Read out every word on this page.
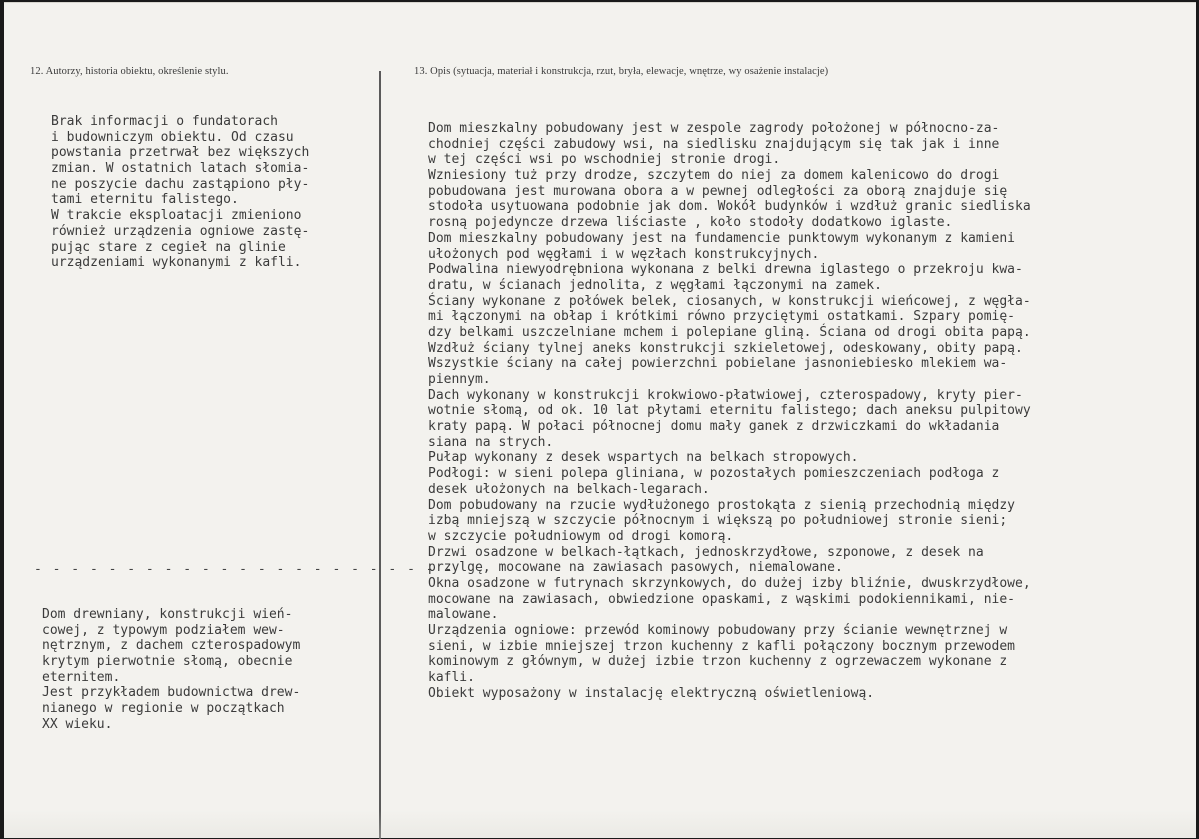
12. Autorzy, historia obiektu, określenie stylu.	13. Opis (sytuacja, materiał i konstrukcja, rzut, bryła, elewacje, wnętrze, wy osażenie instalacje)
- - - - - - - - - - - - - - - - - - - - - - -
Brak informacji o fundatorach
i budowniczym obiektu. Od czasu
powstania przetrwał bez większych
zmian. W ostatnich latach słomia-
ne poszycie dachu zastąpiono pły-
tami eternitu falistego.
W trakcie eksploatacji zmieniono
również urządzenia ogniowe zastę-
pując stare z cegieł na glinie
urządzeniami wykonanymi z kafli.
Dom drewniany, konstrukcji wień-
cowej, z typowym podziałem wew-
nętrznym, z dachem czterospadowym
krytym pierwotnie słomą, obecnie
eternitem.
Jest przykładem budownictwa drew-
nianego w regionie w początkach
XX wieku.
Dom mieszkalny pobudowany jest w zespole zagrody położonej w północno-za-
chodniej części zabudowy wsi, na siedlisku znajdującym się tak jak i inne
w tej części wsi po wschodniej stronie drogi.
Wzniesiony tuż przy drodze, szczytem do niej za domem kalenicowo do drogi
pobudowana jest murowana obora a w pewnej odległości za oborą znajduje się
stodoła usytuowana podobnie jak dom. Wokół budynków i wzdłuż granic siedliska
rosną pojedyncze drzewa liściaste , koło stodoły dodatkowo iglaste.
Dom mieszkalny pobudowany jest na fundamencie punktowym wykonanym z kamieni
ułożonych pod węgłami i w węzłach konstrukcyjnych.
Podwalina niewyodrębniona wykonana z belki drewna iglastego o przekroju kwa-
dratu, w ścianach jednolita, z węgłami łączonymi na zamek.
Ściany wykonane z połówek belek, ciosanych, w konstrukcji wieńcowej, z węgła-
mi łączonymi na obłap i krótkimi równo przyciętymi ostatkami. Szpary pomię-
dzy belkami uszczelniane mchem i polepiane gliną. Ściana od drogi obita papą.
Wzdłuż ściany tylnej aneks konstrukcji szkieletowej, odeskowany, obity papą.
Wszystkie ściany na całej powierzchni pobielane jasnoniebiesko mlekiem wa-
piennym.
Dach wykonany w konstrukcji krokwiowo-płatwiowej, czterospadowy, kryty pier-
wotnie słomą, od ok. 10 lat płytami eternitu falistego; dach aneksu pulpitowy
kraty papą. W połaci północnej domu mały ganek z drzwiczkami do wkładania
siana na strych.
Pułap wykonany z desek wspartych na belkach stropowych.
Podłogi: w sieni polepa gliniana, w pozostałych pomieszczeniach podłoga z
desek ułożonych na belkach-legarach.
Dom pobudowany na rzucie wydłużonego prostokąta z sienią przechodnią między
izbą mniejszą w szczycie północnym i większą po południowej stronie sieni;
w szczycie południowym od drogi komorą.
Drzwi osadzone w belkach-łątkach, jednoskrzydłowe, szponowe, z desek na
przylgę, mocowane na zawiasach pasowych, niemalowane.
Okna osadzone w futrynach skrzynkowych, do dużej izby bliźnie, dwuskrzydłowe,
mocowane na zawiasach, obwiedzione opaskami, z wąskimi podokiennikami, nie-
malowane.
Urządzenia ogniowe: przewód kominowy pobudowany przy ścianie wewnętrznej w
sieni, w izbie mniejszej trzon kuchenny z kafli połączony bocznym przewodem
kominowym z głównym, w dużej izbie trzon kuchenny z ogrzewaczem wykonane z
kafli.
Obiekt wyposażony w instalację elektryczną oświetleniową.
